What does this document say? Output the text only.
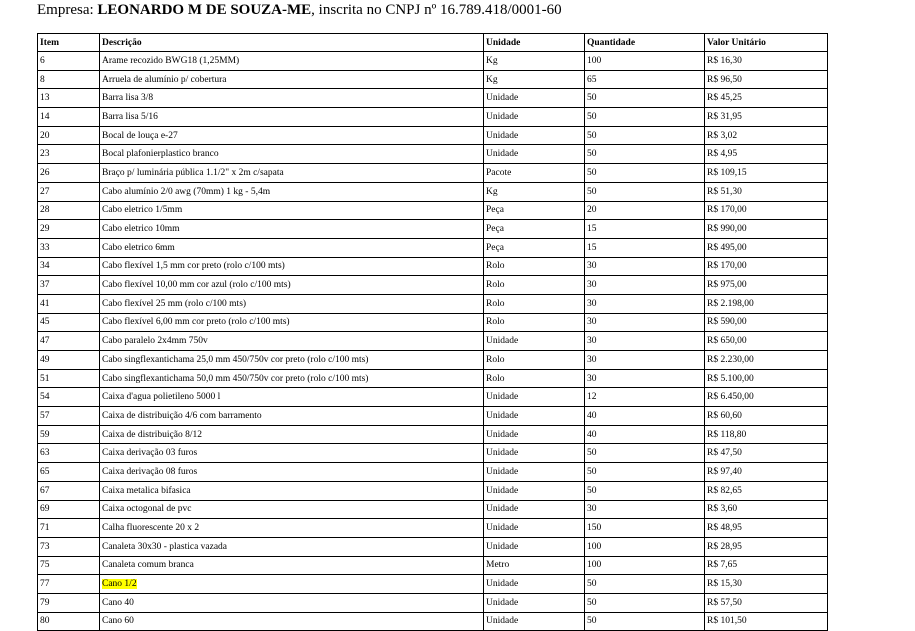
Empresa: LEONARDO M DE SOUZA-ME, inscrita no CNPJ nº 16.789.418/0001-60
Item	Descrição	Unidade	Quantidade	Valor Unitário
6	Arame recozido BWG18 (1,25MM)	Kg	100	R$ 16,30
8	Arruela de alumínio p/ cobertura	Kg	65	R$ 96,50
13	Barra lisa 3/8	Unidade	50	R$ 45,25
14	Barra lisa 5/16	Unidade	50	R$ 31,95
20	Bocal de louça e-27	Unidade	50	R$ 3,02
23	Bocal plafonierplastico branco	Unidade	50	R$ 4,95
26	Braço p/ luminária pública 1.1/2" x 2m c/sapata	Pacote	50	R$ 109,15
27	Cabo alumínio 2/0 awg (70mm) 1 kg - 5,4m	Kg	50	R$ 51,30
28	Cabo eletrico 1/5mm	Peça	20	R$ 170,00
29	Cabo eletrico 10mm	Peça	15	R$ 990,00
33	Cabo eletrico 6mm	Peça	15	R$ 495,00
34	Cabo flexível 1,5 mm cor preto (rolo c/100 mts)	Rolo	30	R$ 170,00
37	Cabo flexível 10,00 mm cor azul (rolo c/100 mts)	Rolo	30	R$ 975,00
41	Cabo flexível 25 mm (rolo c/100 mts)	Rolo	30	R$ 2.198,00
45	Cabo flexível 6,00 mm cor preto (rolo c/100 mts)	Rolo	30	R$ 590,00
47	Cabo paralelo 2x4mm 750v	Unidade	30	R$ 650,00
49	Cabo singflexantichama 25,0 mm 450/750v cor preto (rolo c/100 mts)	Rolo	30	R$ 2.230,00
51	Cabo singflexantichama 50,0 mm 450/750v cor preto (rolo c/100 mts)	Rolo	30	R$ 5.100,00
54	Caixa d'agua polietileno 5000 l	Unidade	12	R$ 6.450,00
57	Caixa de distribuição 4/6 com barramento	Unidade	40	R$ 60,60
59	Caixa de distribuição 8/12	Unidade	40	R$ 118,80
63	Caixa derivação 03 furos	Unidade	50	R$ 47,50
65	Caixa derivação 08 furos	Unidade	50	R$ 97,40
67	Caixa metalica bifasica	Unidade	50	R$ 82,65
69	Caixa octogonal de pvc	Unidade	30	R$ 3,60
71	Calha fluorescente 20 x 2	Unidade	150	R$ 48,95
73	Canaleta 30x30 - plastica vazada	Unidade	100	R$ 28,95
75	Canaleta comum branca	Metro	100	R$ 7,65
77	Cano 1/2	Unidade	50	R$ 15,30
79	Cano 40	Unidade	50	R$ 57,50
80	Cano 60	Unidade	50	R$ 101,50
